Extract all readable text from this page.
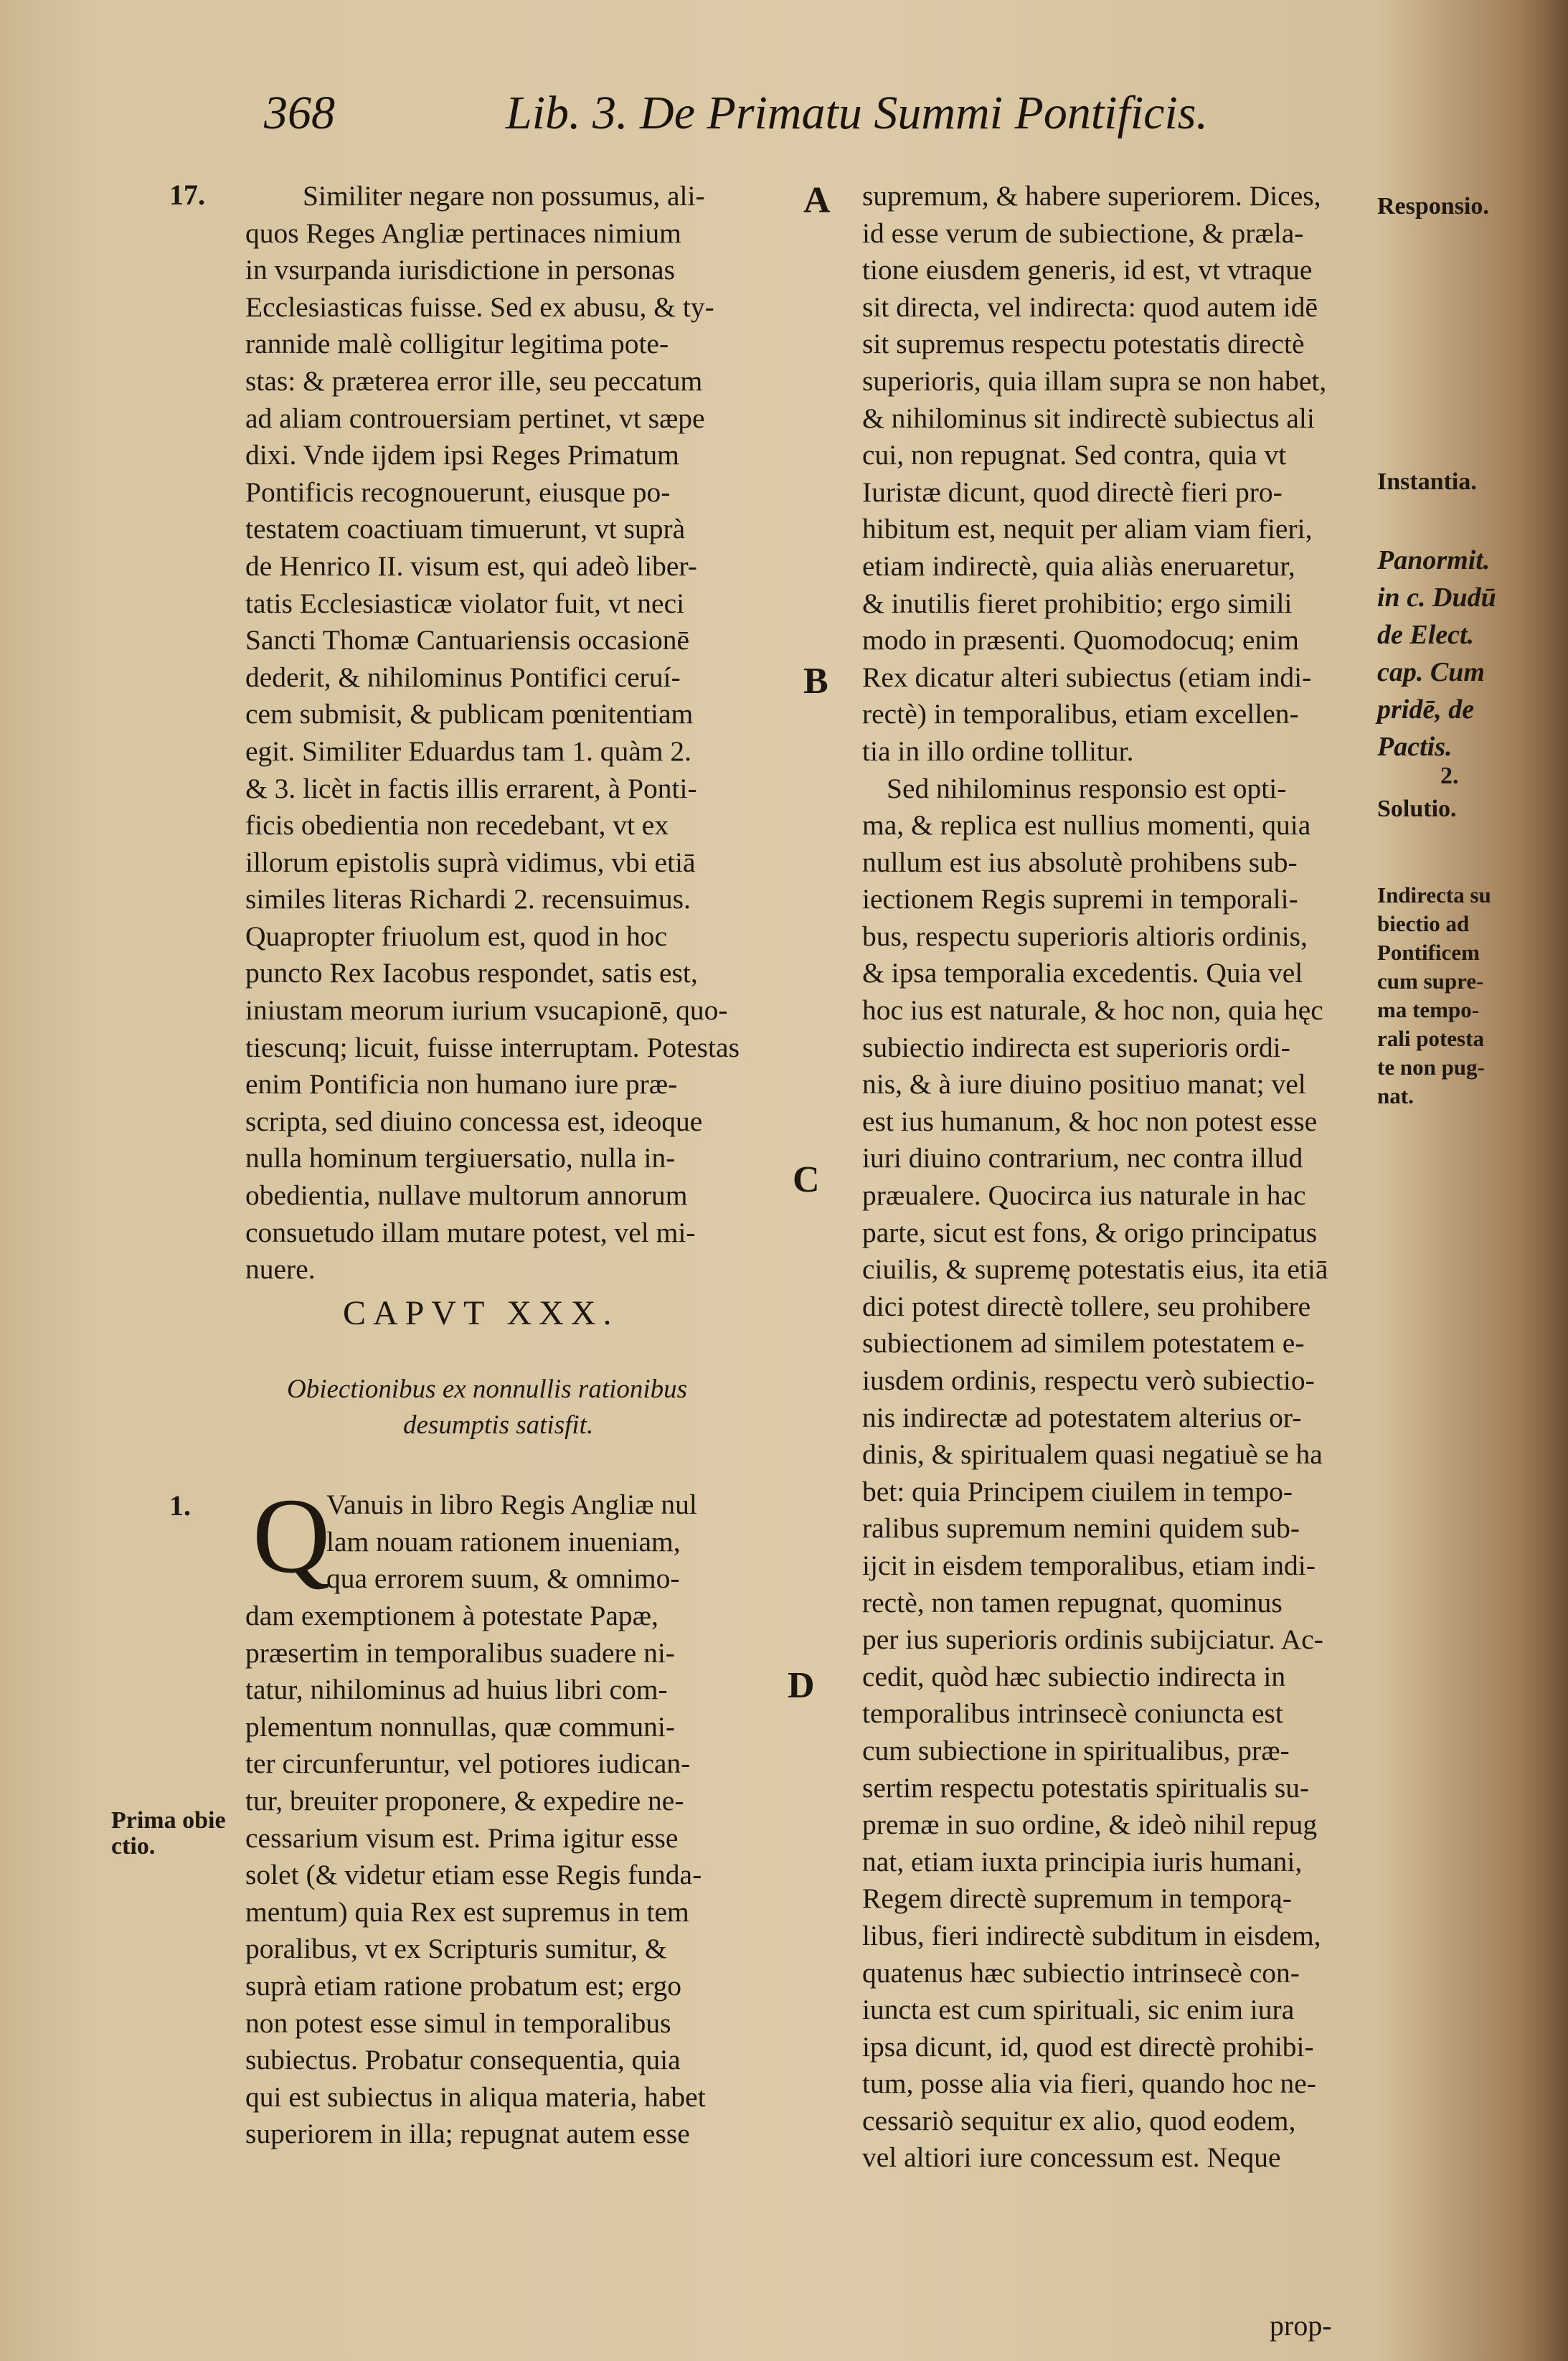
368	Lib. 3. De Primatu Summi Pontificis.
17.	Similiter negare non possumus, ali-
quos Reges Angliæ pertinaces nimium
in vsurpanda iurisdictione in personas
Ecclesiasticas fuisse. Sed ex abusu, & ty-
rannide malè colligitur legitima pote-
stas: & præterea error ille, seu peccatum
ad aliam controuersiam pertinet, vt sæpe
dixi. Vnde ijdem ipsi Reges Primatum
Pontificis recognouerunt, eiusque po-
testatem coactiuam timuerunt, vt suprà
de Henrico II. visum est, qui adeò liber-
tatis Ecclesiasticæ violator fuit, vt neci
Sancti Thomæ Cantuariensis occasionē
dederit, & nihilominus Pontifici ceruí-
cem submisit, & publicam pœnitentiam
egit. Similiter Eduardus tam 1. quàm 2.
& 3. licèt in factis illis errarent, à Ponti-
ficis obedientia non recedebant, vt ex
illorum epistolis suprà vidimus, vbi etiā
similes literas Richardi 2. recensuimus.
Quapropter friuolum est, quod in hoc
puncto Rex Iacobus respondet, satis est,
iniustam meorum iurium vsucapionē, quo-
tiescunq; licuit, fuisse interruptam. Potestas
enim Pontificia non humano iure præ-
scripta, sed diuino concessa est, ideoque
nulla hominum tergiuersatio, nulla in-
obedientia, nullave multorum annorum
consuetudo illam mutare potest, vel mi-
nuere.
CAPVT XXX.
Obiectionibus ex nonnullis rationibus
desumptis satisfit.
1. Q
Vanuis in libro Regis Angliæ nul
lam nouam rationem inueniam,
qua errorem suum, & omnimo-
dam exemptionem à potestate Papæ,
præsertim in temporalibus suadere ni-
tatur, nihilominus ad huius libri com-
plementum nonnullas, quæ communi-
ter circunferuntur, vel potiores iudican-
tur, breuiter proponere, & expedire ne-
cessarium visum est. Prima igitur esse
solet (& videtur etiam esse Regis funda-
mentum) quia Rex est supremus in tem
poralibus, vt ex Scripturis sumitur, &
suprà etiam ratione probatum est; ergo
non potest esse simul in temporalibus
subiectus. Probatur consequentia, quia
qui est subiectus in aliqua materia, habet
superiorem in illa; repugnat autem esse
Prima obie
ctio.
A
B
C
D
supremum, & habere superiorem. Dices,
id esse verum de subiectione, & præla-
tione eiusdem generis, id est, vt vtraque
sit directa, vel indirecta: quod autem idē
sit supremus respectu potestatis directè
superioris, quia illam supra se non habet,
& nihilominus sit indirectè subiectus ali
cui, non repugnat. Sed contra, quia vt
Iuristæ dicunt, quod directè fieri pro-
hibitum est, nequit per aliam viam fieri,
etiam indirectè, quia aliàs eneruaretur,
& inutilis fieret prohibitio; ergo simili
modo in præsenti. Quomodocuq; enim
Rex dicatur alteri subiectus (etiam indi-
rectè) in temporalibus, etiam excellen-
tia in illo ordine tollitur.
Sed nihilominus responsio est opti-
ma, & replica est nullius momenti, quia
nullum est ius absolutè prohibens sub-
iectionem Regis supremi in temporali-
bus, respectu superioris altioris ordinis,
& ipsa temporalia excedentis. Quia vel
hoc ius est naturale, & hoc non, quia hęc
subiectio indirecta est superioris ordi-
nis, & à iure diuino positiuo manat; vel
est ius humanum, & hoc non potest esse
iuri diuino contrarium, nec contra illud
præualere. Quocirca ius naturale in hac
parte, sicut est fons, & origo principatus
ciuilis, & supremę potestatis eius, ita etiā
dici potest directè tollere, seu prohibere
subiectionem ad similem potestatem e-
iusdem ordinis, respectu verò subiectio-
nis indirectæ ad potestatem alterius or-
dinis, & spiritualem quasi negatiuè se ha
bet: quia Principem ciuilem in tempo-
ralibus supremum nemini quidem sub-
ijcit in eisdem temporalibus, etiam indi-
rectè, non tamen repugnat, quominus
per ius superioris ordinis subijciatur. Ac-
cedit, quòd hæc subiectio indirecta in
temporalibus intrinsecè coniuncta est
cum subiectione in spiritualibus, præ-
sertim respectu potestatis spiritualis su-
premæ in suo ordine, & ideò nihil repug
nat, etiam iuxta principia iuris humani,
Regem directè supremum in temporą-
libus, fieri indirectè subditum in eisdem,
quatenus hæc subiectio intrinsecè con-
iuncta est cum spirituali, sic enim iura
ipsa dicunt, id, quod est directè prohibi-
tum, posse alia via fieri, quando hoc ne-
cessariò sequitur ex alio, quod eodem,
vel altiori iure concessum est. Neque
Responsio.
Instantia.
Panormit.
in c. Dudū
de Elect.
cap. Cum
pridē, de
Pactis.
2.
Solutio.
Indirecta su
biectio ad
Pontificem
cum supre-
ma tempo-
rali potesta
te non pug-
nat.
prop-
